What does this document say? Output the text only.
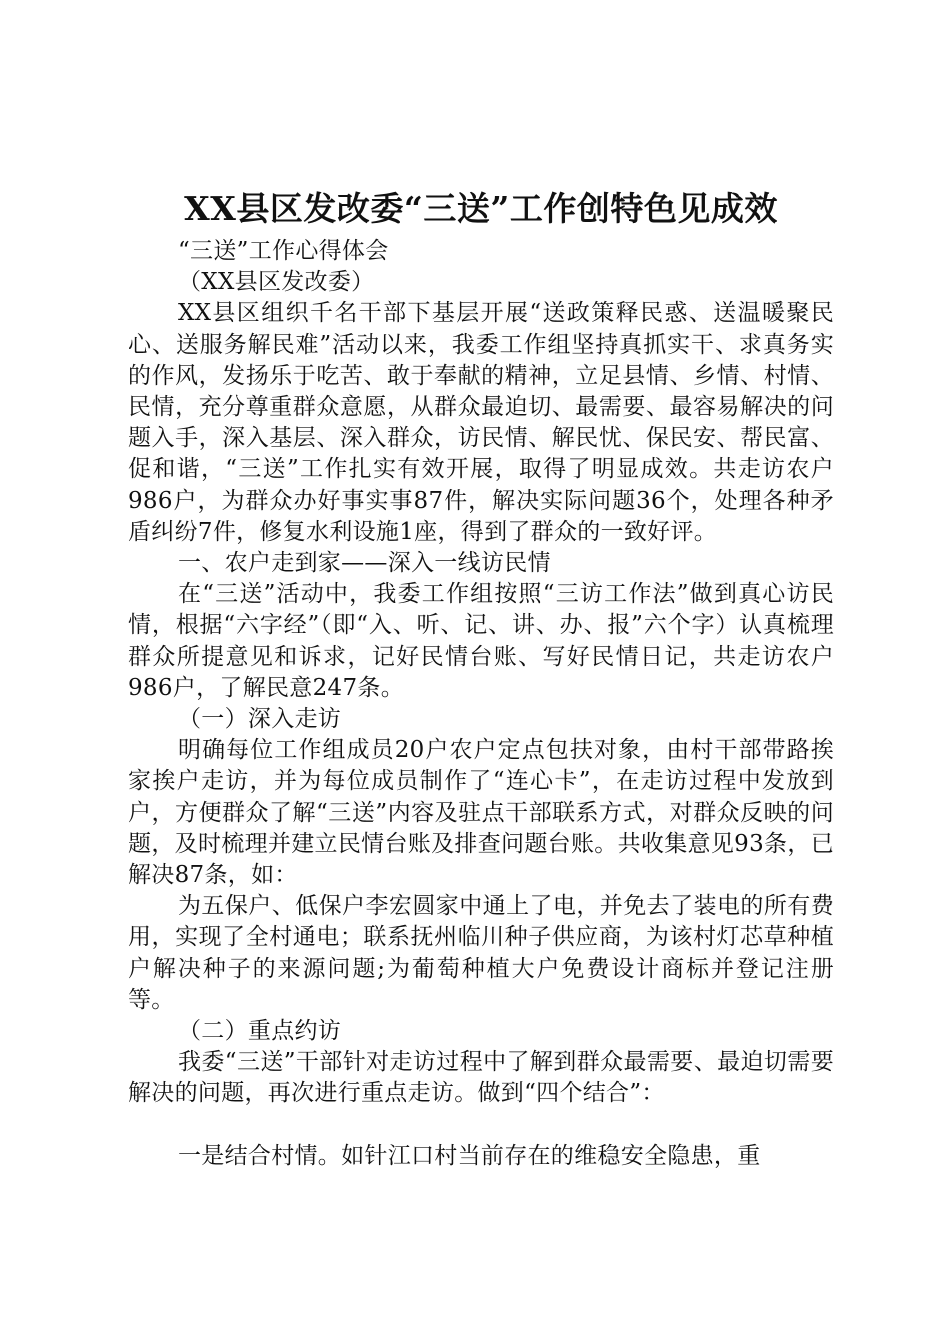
XX县区发改委“三送”工作创特色见成效
“三送”工作心得体会
（XX县区发改委）

XX县区组织千名干部下基层开展“送政策释民惑、送温暖聚民心、送服务解民难”活动以来，我委工作组坚持真抓实干、求真务实的作风，发扬乐于吃苦、敢于奉献的精神，立足县情、乡情、村情、民情，充分尊重群众意愿，从群众最迫切、最需要、最容易解决的问题入手，深入基层、深入群众，访民情、解民忧、保民安、帮民富、促和谐，“三送”工作扎实有效开展，取得了明显成效。共走访农户986户，为群众办好事实事87件，解决实际问题36个，处理各种矛盾纠纷7件，修复水利设施1座，得到了群众的一致好评。

一、农户走到家——深入一线访民情

在“三送”活动中，我委工作组按照“三访工作法”做到真心访民情，根据“六字经”（即“入、听、记、讲、办、报”六个字）认真梳理群众所提意见和诉求，记好民情台账、写好民情日记，共走访农户986户，了解民意247条。

（一）深入走访

明确每位工作组成员20户农户定点包扶对象，由村干部带路挨家挨户走访，并为每位成员制作了“连心卡”，在走访过程中发放到户，方便群众了解“三送”内容及驻点干部联系方式，对群众反映的问题，及时梳理并建立民情台账及排查问题台账。共收集意见93条，已解决87条，如：

为五保户、低保户李宏圆家中通上了电，并免去了装电的所有费用，实现了全村通电；联系抚州临川种子供应商，为该村灯芯草种植户解决种子的来源问题;为葡萄种植大户免费设计商标并登记注册等。

（二）重点约访

我委“三送”干部针对走访过程中了解到群众最需要、最迫切需要解决的问题，再次进行重点走访。做到“四个结合”：

一是结合村情。如针江口村当前存在的维稳安全隐患，重
